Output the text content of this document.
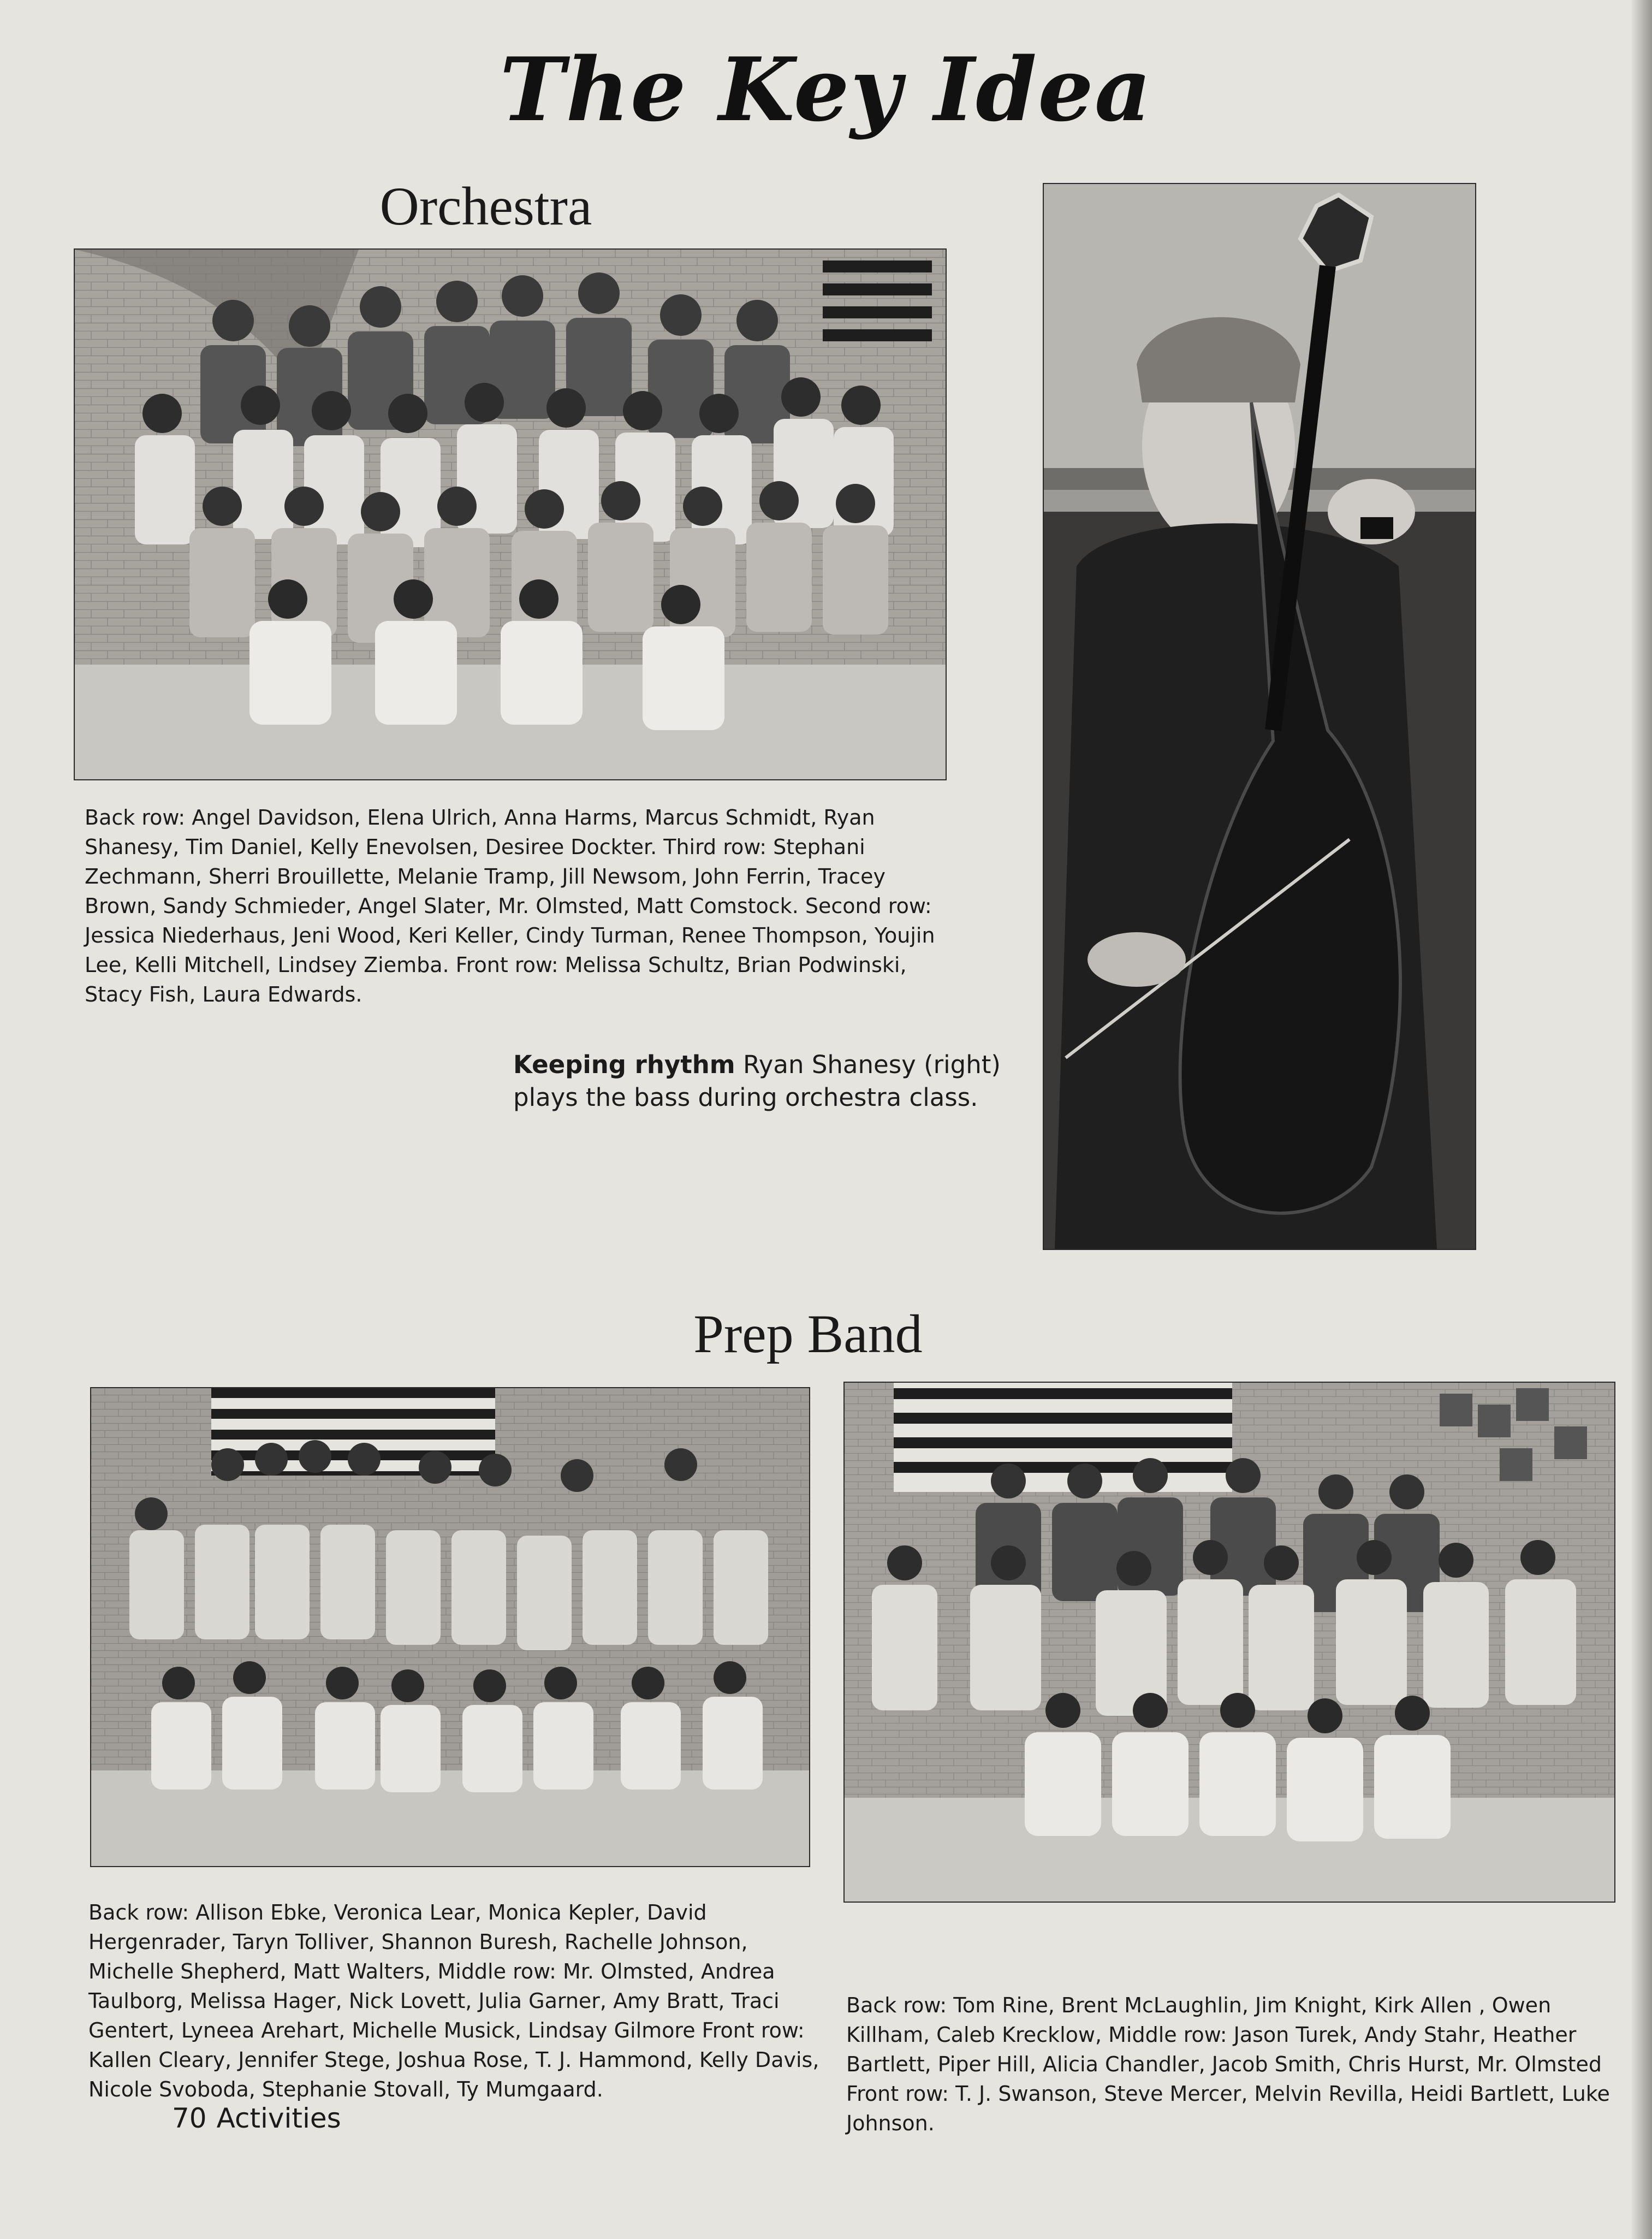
The Key Idea
Orchestra
Back row: Angel Davidson, Elena Ulrich, Anna Harms, Marcus Schmidt, Ryan Shanesy, Tim Daniel, Kelly Enevolsen, Desiree Dockter. Third row: Stephani Zechmann, Sherri Brouillette, Melanie Tramp, Jill Newsom, John Ferrin, Tracey Brown, Sandy Schmieder, Angel Slater, Mr. Olmsted, Matt Comstock. Second row: Jessica Niederhaus, Jeni Wood, Keri Keller, Cindy Turman, Renee Thompson, Youjin Lee, Kelli Mitchell, Lindsey Ziemba. Front row: Melissa Schultz, Brian Podwinski, Stacy Fish, Laura Edwards.
Keeping rhythm Ryan Shanesy (right) plays the bass during orchestra class.
Prep Band
Back row: Allison Ebke, Veronica Lear, Monica Kepler, David Hergenrader, Taryn Tolliver, Shannon Buresh, Rachelle Johnson, Michelle Shepherd, Matt Walters, Middle row: Mr. Olmsted, Andrea Taulborg, Melissa Hager, Nick Lovett, Julia Garner, Amy Bratt, Traci Gentert, Lyneea Arehart, Michelle Musick, Lindsay Gilmore Front row: Kallen Cleary, Jennifer Stege, Joshua Rose, T. J. Hammond, Kelly Davis, Nicole Svoboda, Stephanie Stovall, Ty Mumgaard.
Back row: Tom Rine, Brent McLaughlin, Jim Knight, Kirk Allen , Owen Killham, Caleb Krecklow, Middle row: Jason Turek, Andy Stahr, Heather Bartlett, Piper Hill, Alicia Chandler, Jacob Smith, Chris Hurst, Mr. Olmsted Front row: T. J. Swanson, Steve Mercer, Melvin Revilla, Heidi Bartlett, Luke Johnson.
70 Activities
